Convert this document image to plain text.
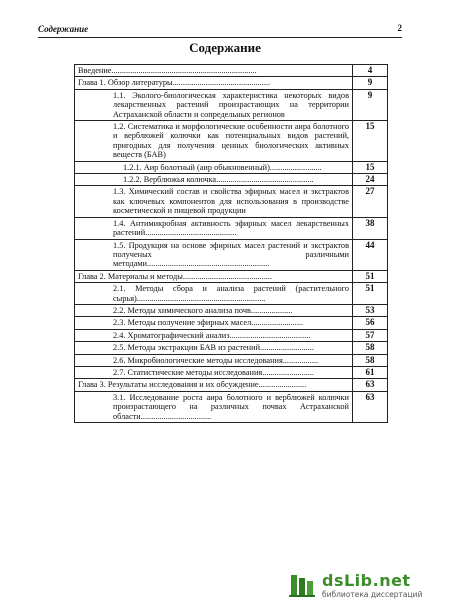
Содержание	2
Содержание
Введение......................................................................	4
Глава 1. Обзор литературы...............................................	9
1.1. Эколого-биологическая характеристика некоторых видов лекарственных растений произрастающих на территории Астраханской области и сопредельных регионов	9
1.2. Систематика и морфологические особенности аира болотного и верблюжей колючки как потенциальных видов растений, пригодных для получения ценных биологических активных веществ (БАВ)	15
1.2.1. Аир болотный (аир обыкновенный).........................	15
1.2.2. Верблюжья колючка...............................................	24
1.3. Химический состав и свойства эфирных масел и экстрактов как ключевых компонентов для использования в производстве косметической и пищевой продукции	27
1.4. Антимикробная активность эфирных масел лекарственных растений............................................	38
1.5. Продукция на основе эфирных масел растений и экстрактов полученых различными методами...........................................................	44
Глава 2. Материалы и методы...........................................	51
2.1. Методы сбора и анализа растений (растительного сырья)..............................................................	51
2.2. Методы химического анализа почв....................	53
2.3. Методы получение эфирных масел.........................	56
2.4. Хроматографический анализ.......................................	57
2.5. Методы экстракции БАВ из растений..........................	58
2.6. Микробиологические методы исследования.................	58
2.7. Статистические методы исследования.........................	61
Глава 3. Результаты исследования и их обсуждение.......................	63
3.1. Исследование роста аира болотного и верблюжей колючки произрастающего на различных почвах Астраханской области..................................	63
dsLib.net
библиотека диссертаций
